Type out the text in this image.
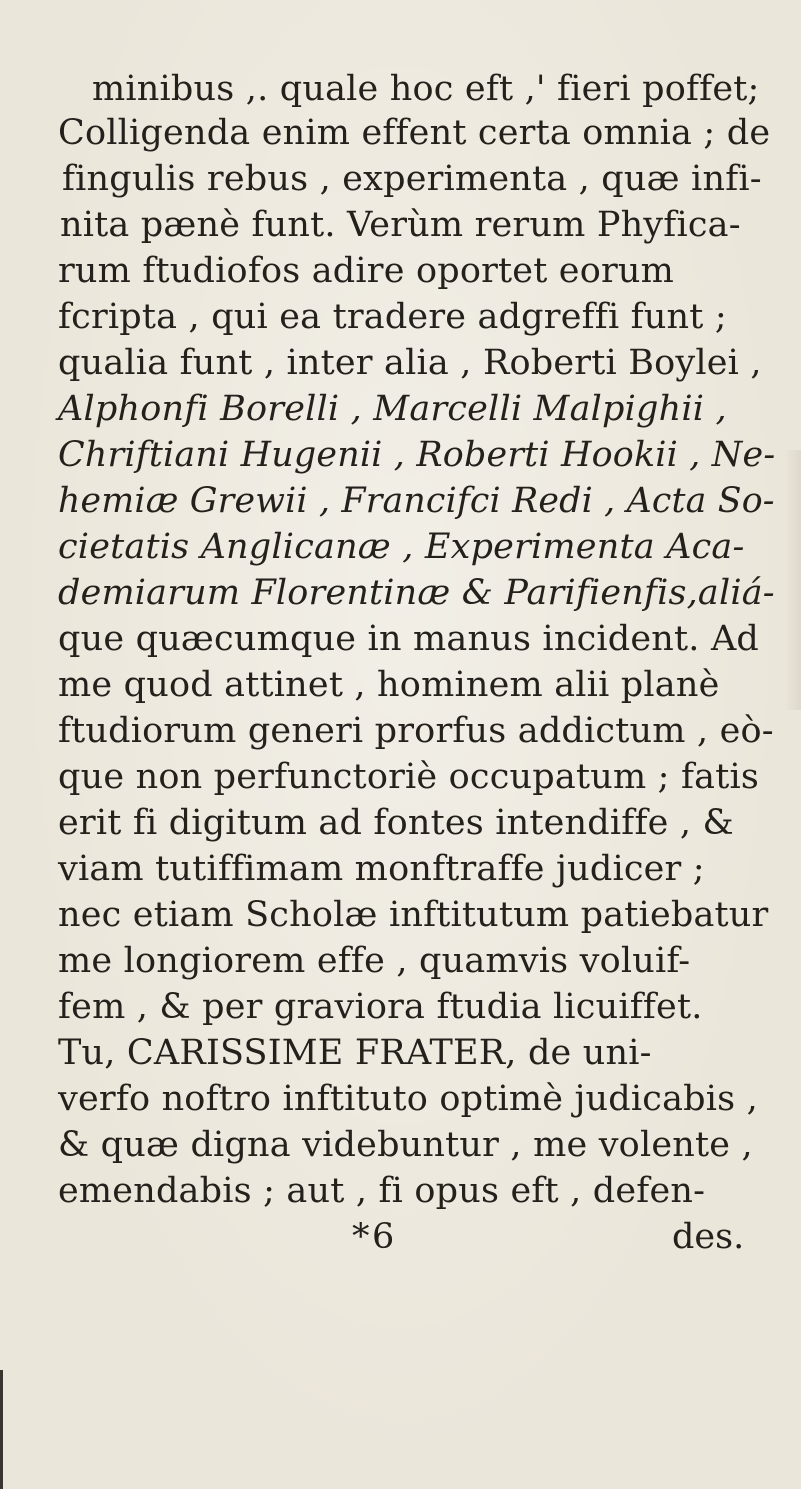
minibus ,. quale hoc eft ,' fieri poffet;
Colligenda enim effent certa omnia ; de
fingulis rebus , experimenta , quæ infi-
nita pænè funt. Verùm rerum Phyfica-
rum ftudiofos adire oportet eorum
fcripta , qui ea tradere adgreffi funt ;
qualia funt , inter alia , Roberti Boylei ,
Alphonfi Borelli , Marcelli Malpighii ,
Chriftiani Hugenii , Roberti Hookii , Ne-
hemiæ Grewii , Francifci Redi , Acta So-
cietatis Anglicanæ , Experimenta Aca-
demiarum Florentinæ & Parifienfis,aliá-
que quæcumque in manus incident. Ad
me quod attinet , hominem alii planè
ftudiorum generi prorfus addictum , eò-
que non perfunctoriè occupatum ; fatis
erit fi digitum ad fontes intendiffe , &
viam tutiffimam monftraffe judicer ;
nec etiam Scholæ inftitutum patiebatur
me longiorem effe , quamvis voluif-
fem , & per graviora ftudia licuiffet.
Tu, CARISSIME FRATER, de uni-
verfo noftro inftituto optimè judicabis ,
& quæ digna videbuntur , me volente ,
emendabis ; aut , fi opus eft , defen-
* 6	des.
